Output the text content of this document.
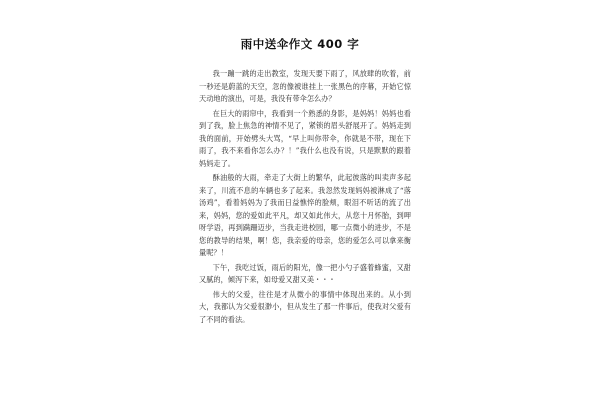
雨中送伞作文 400 字

我一蹦一跳的走出教室，发现天要下雨了，风放肆的吹着，前一秒还是蔚蓝的天空，忽的像被谁挂上一张黑色的序幕，开始它惊天动地的演出，可是，我没有带伞怎么办？

在巨大的雨帘中，我看到一个熟悉的身影，是妈妈！妈妈也看到了我，脸上焦急的神情不见了，紧锁的眉头舒展开了。妈妈走到我的面前，开始劈头大骂，“早上叫你带伞，你就是不带，现在下雨了，我不来看你怎么办？！”我什么也没有说，只是默默的跟着妈妈走了。

酥油般的大雨，牵走了大街上的繁华，此起彼落的叫卖声多起来了，川流不息的车辆也多了起来。我忽然发现妈妈被淋成了“落汤鸡”，看着妈妈为了我而日益憔悴的脸颊，眼泪不听话的流了出来，妈妈，您的爱如此平凡，却又如此伟大，从您十月怀胎，到呷呀学语，再到蹒跚迈步，当我走进校园，哪一点微小的进步，不是您的教导的结果，啊！您，我亲爱的母亲，您的爱怎么可以拿来衡量呢？！

下午，我吃过饭，雨后的阳光，像一把小勺子盛着蜂蜜，又甜又腻的，倾泻下来，如母爱又甜又美・・・

伟大的父爱，往往是才从微小的事情中体现出来的。从小到大，我都认为父爱很渺小，但从发生了那一件事后，使我对父爱有了不同的看法。
